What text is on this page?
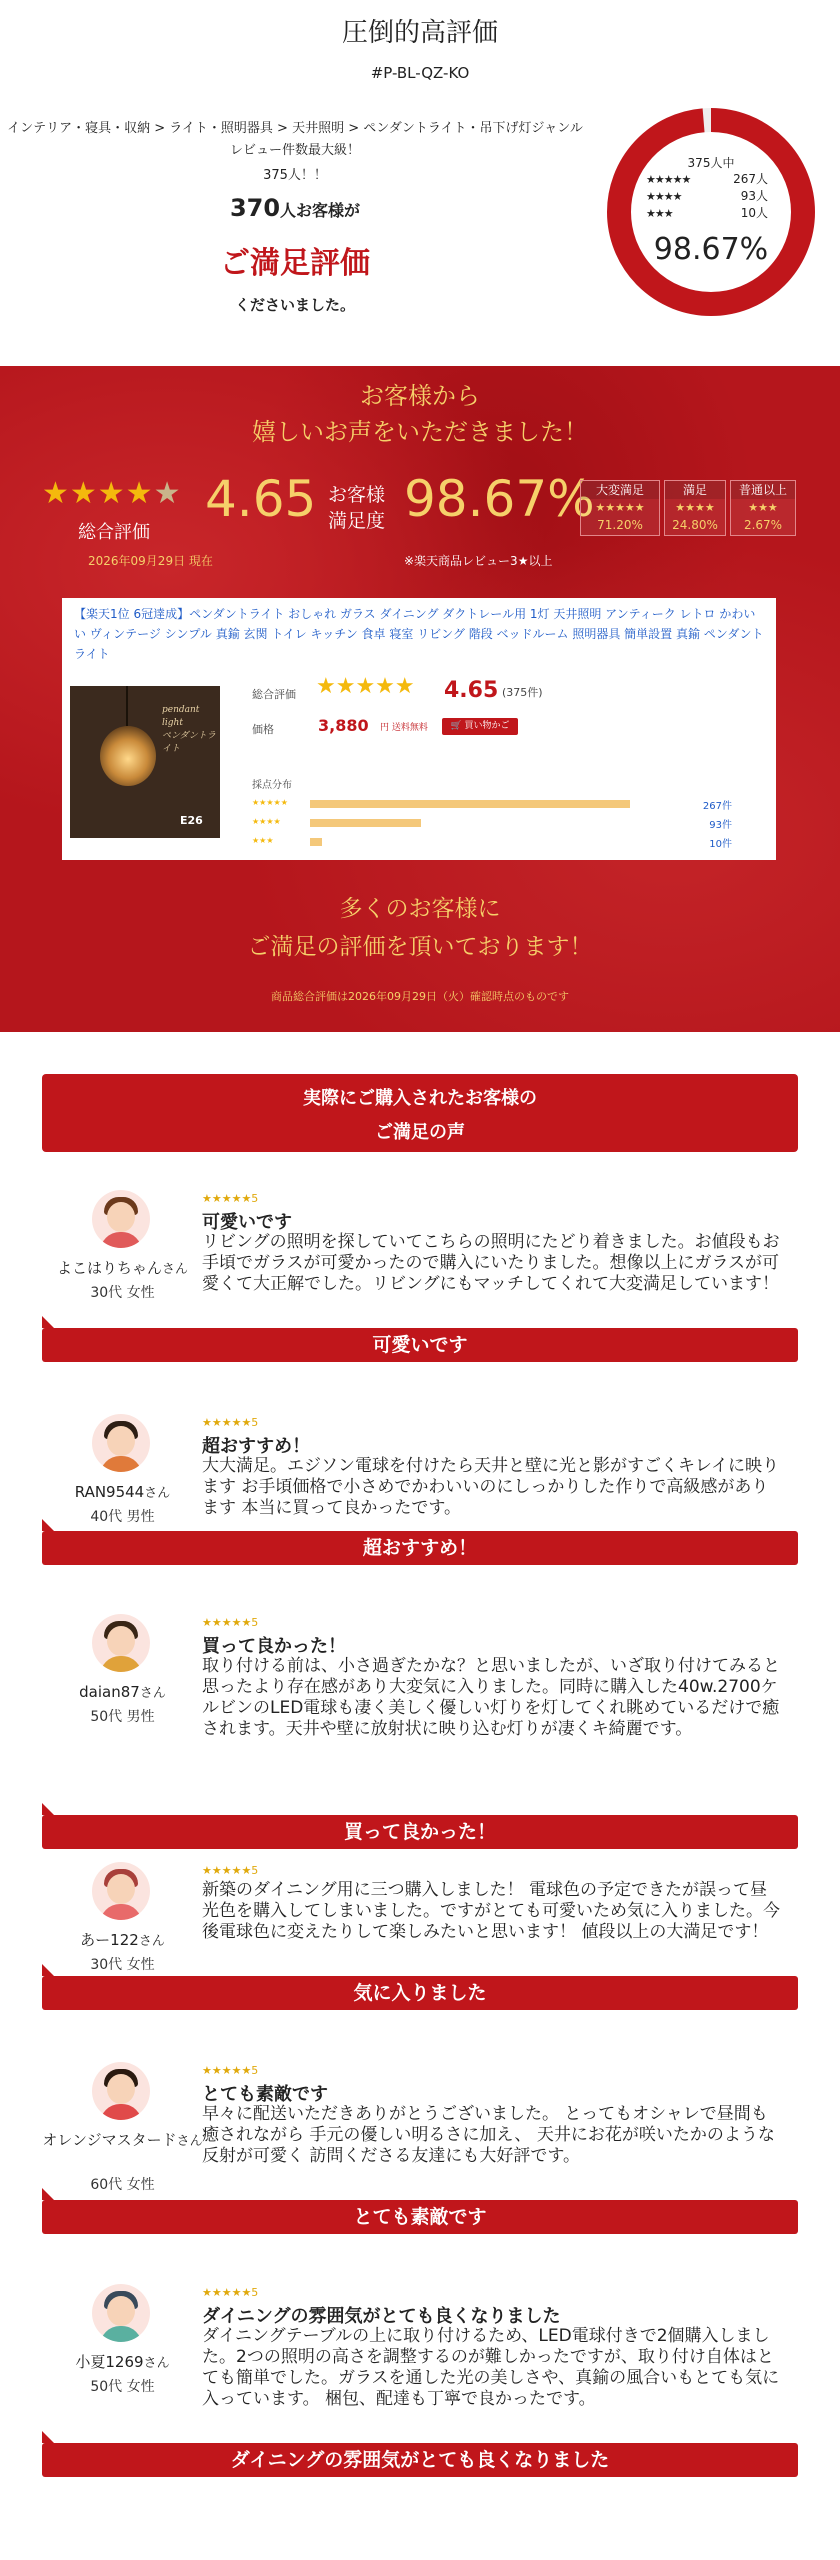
圧倒的高評価
#P-BL-QZ-KO
インテリア・寝具・収納 > ライト・照明器具 > 天井照明 > ペンダントライト・吊下げ灯ジャンル
レビュー件数最大級！
375人！！
370人お客様が
ご満足評価
くださいました。
375人中
★★★★★	267人
★★★★	93人
★★★	10人
98.67%
お客様から
嬉しいお声をいただきました！
★★★★★
総合評価
4.65
2026年09月29日 現在
お客様
満足度 98.67%
※楽天商品レビュー3★以上
大変満足
★★★★★
71.20%
満足
★★★★
24.80%
普通以上
★★★
2.67%
【楽天1位 6冠達成】ペンダントライト おしゃれ ガラス ダイニング ダクトレール用 1灯 天井照明 アンティーク レトロ かわいい ヴィンテージ シンプル 真鍮 玄関 トイレ キッチン 食卓 寝室 リビング 階段 ベッドルーム 照明器具 簡単設置 真鍮 ペンダントライト
pendant light
ペンダントライト
E26
総合評価 ★★★★★ 4.65 (375件)
価格	3,880 円 送料無料	🛒 買い物かご
採点分布
★★★★★	267件
★★★★	93件
★★★	10件
多くのお客様に
ご満足の評価を頂いております！
商品総合評価は2026年09月29日（火）確認時点のものです
実際にご購入されたお客様の
ご満足の声
よこはりちゃんさん
30代 女性
★★★★★5
可愛いです
リビングの照明を探していてこちらの照明にたどり着きました。お値段もお手頃でガラスが可愛かったので購入にいたりました。想像以上にガラスが可愛くて大正解でした。リビングにもマッチしてくれて大変満足しています！
可愛いです
RAN9544さん
40代 男性
★★★★★5
超おすすめ！
大大満足。エジソン電球を付けたら天井と壁に光と影がすごくキレイに映ります お手頃価格で小さめでかわいいのにしっかりした作りで高級感があります 本当に買って良かったです。
超おすすめ！
daian87さん
50代 男性
★★★★★5
買って良かった！
取り付ける前は、小さ過ぎたかな？と思いましたが、いざ取り付けてみると思ったより存在感があり大変気に入りました。同時に購入した40w.2700ケルビンのLED電球も凄く美しく優しい灯りを灯してくれ眺めているだけで癒されます。天井や壁に放射状に映り込む灯りが凄くキ綺麗です。
買って良かった！
あー122さん
30代 女性
★★★★★5
新築のダイニング用に三つ購入しました！ 電球色の予定できたが誤って昼光色を購入してしまいました。ですがとても可愛いため気に入りました。今後電球色に変えたりして楽しみたいと思います！ 値段以上の大満足です！
気に入りました
オレンジマスタードさん
60代 女性
★★★★★5
とても素敵です
早々に配送いただきありがとうございました。 とってもオシャレで昼間も癒されながら 手元の優しい明るさに加え、 天井にお花が咲いたかのような反射が可愛く 訪問くださる友達にも大好評です。
とても素敵です
小夏1269さん
50代 女性
★★★★★5
ダイニングの雰囲気がとても良くなりました
ダイニングテーブルの上に取り付けるため、LED電球付きで2個購入しました。2つの照明の高さを調整するのが難しかったですが、取り付け自体はとても簡単でした。ガラスを通した光の美しさや、真鍮の風合いもとても気に入っています。 梱包、配達も丁寧で良かったです。
ダイニングの雰囲気がとても良くなりました
